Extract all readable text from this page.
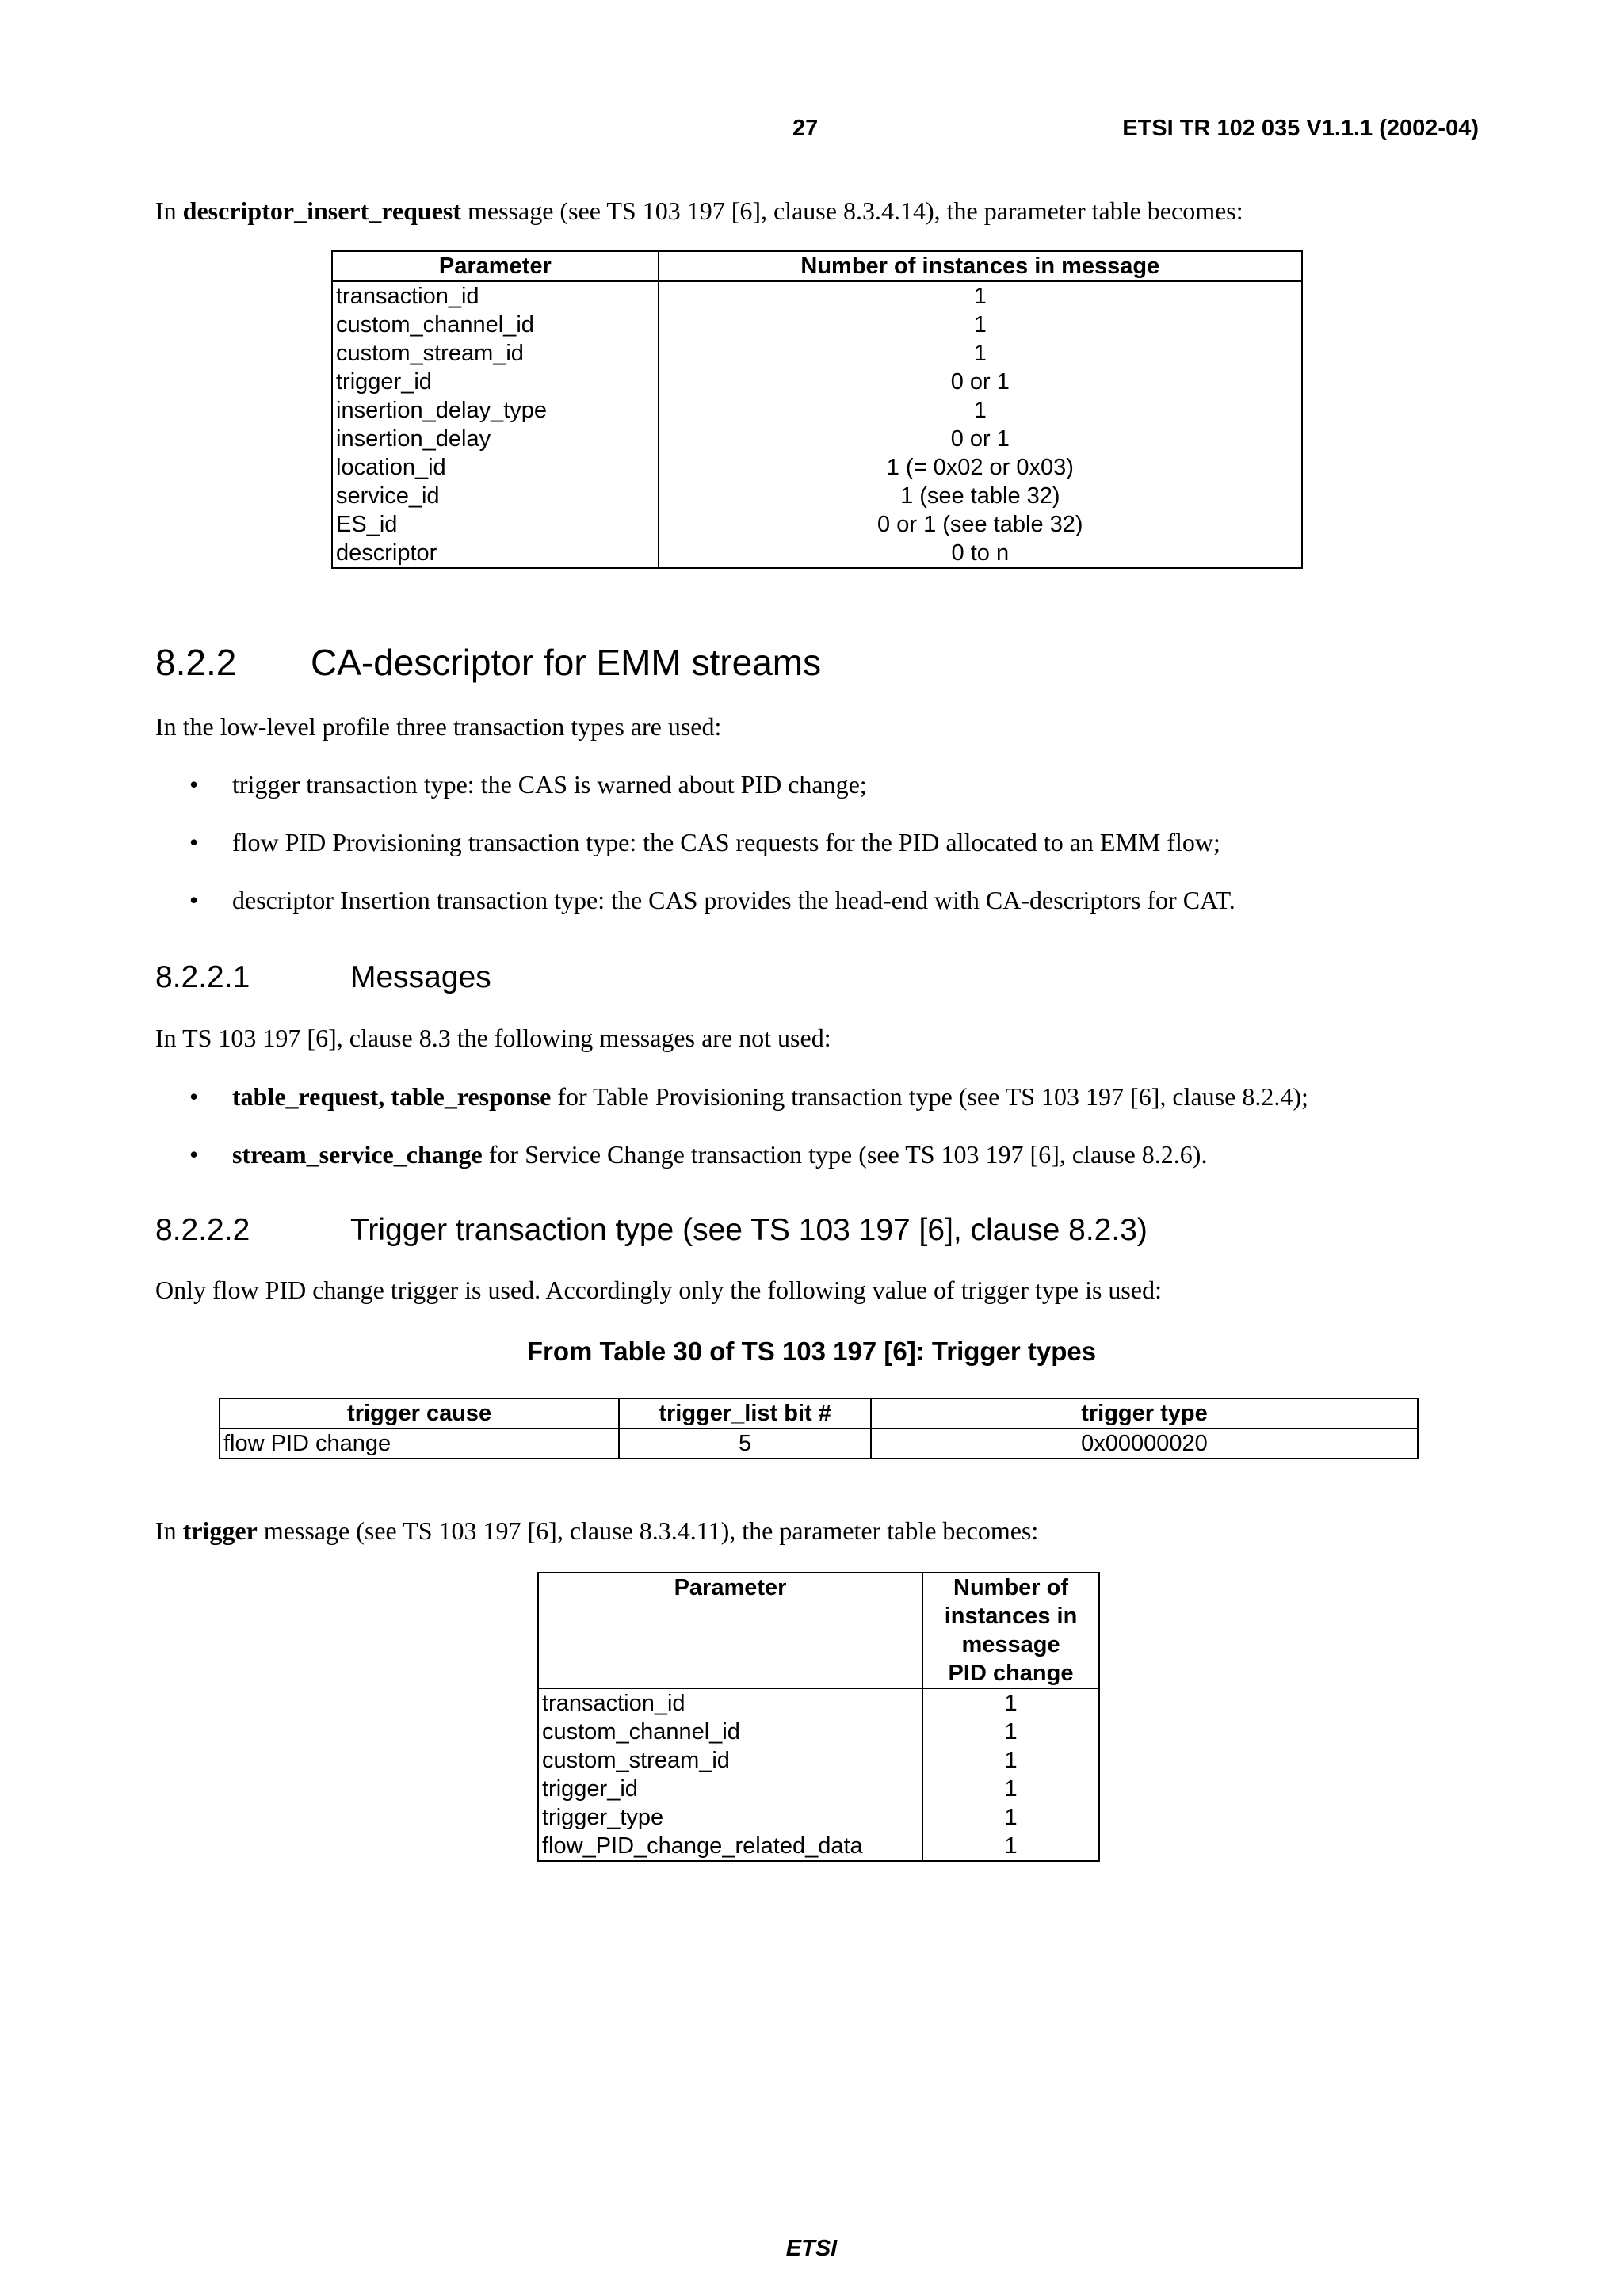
27	ETSI TR 102 035 V1.1.1 (2002-04)
In descriptor_insert_request message (see TS 103 197 [6], clause 8.3.4.14), the parameter table becomes:
Parameter	Number of instances in message
transaction_id	1
custom_channel_id	1
custom_stream_id	1
trigger_id	0 or 1
insertion_delay_type	1
insertion_delay	0 or 1
location_id	1 (= 0x02 or 0x03)
service_id	1 (see table 32)
ES_id	0 or 1 (see table 32)
descriptor	0 to n
8.2.2 CA-descriptor for EMM streams
In the low-level profile three transaction types are used:
• trigger transaction type: the CAS is warned about PID change;
• flow PID Provisioning transaction type: the CAS requests for the PID allocated to an EMM flow;
• descriptor Insertion transaction type: the CAS provides the head-end with CA-descriptors for CAT.
8.2.2.1	Messages
In TS 103 197 [6], clause 8.3 the following messages are not used:
• table_request, table_response for Table Provisioning transaction type (see TS 103 197 [6], clause 8.2.4);
• stream_service_change for Service Change transaction type (see TS 103 197 [6], clause 8.2.6).
8.2.2.2	Trigger transaction type (see TS 103 197 [6], clause 8.2.3)
Only flow PID change trigger is used. Accordingly only the following value of trigger type is used:
From Table 30 of TS 103 197 [6]: Trigger types
trigger cause	trigger_list bit #	trigger type
flow PID change	5	0x00000020
In trigger message (see TS 103 197 [6], clause 8.3.4.11), the parameter table becomes:
Parameter	Number of
instances in
message
PID change

transaction_id	1
custom_channel_id	1
custom_stream_id	1
trigger_id	1
trigger_type	1
flow_PID_change_related_data	1
ETSI
